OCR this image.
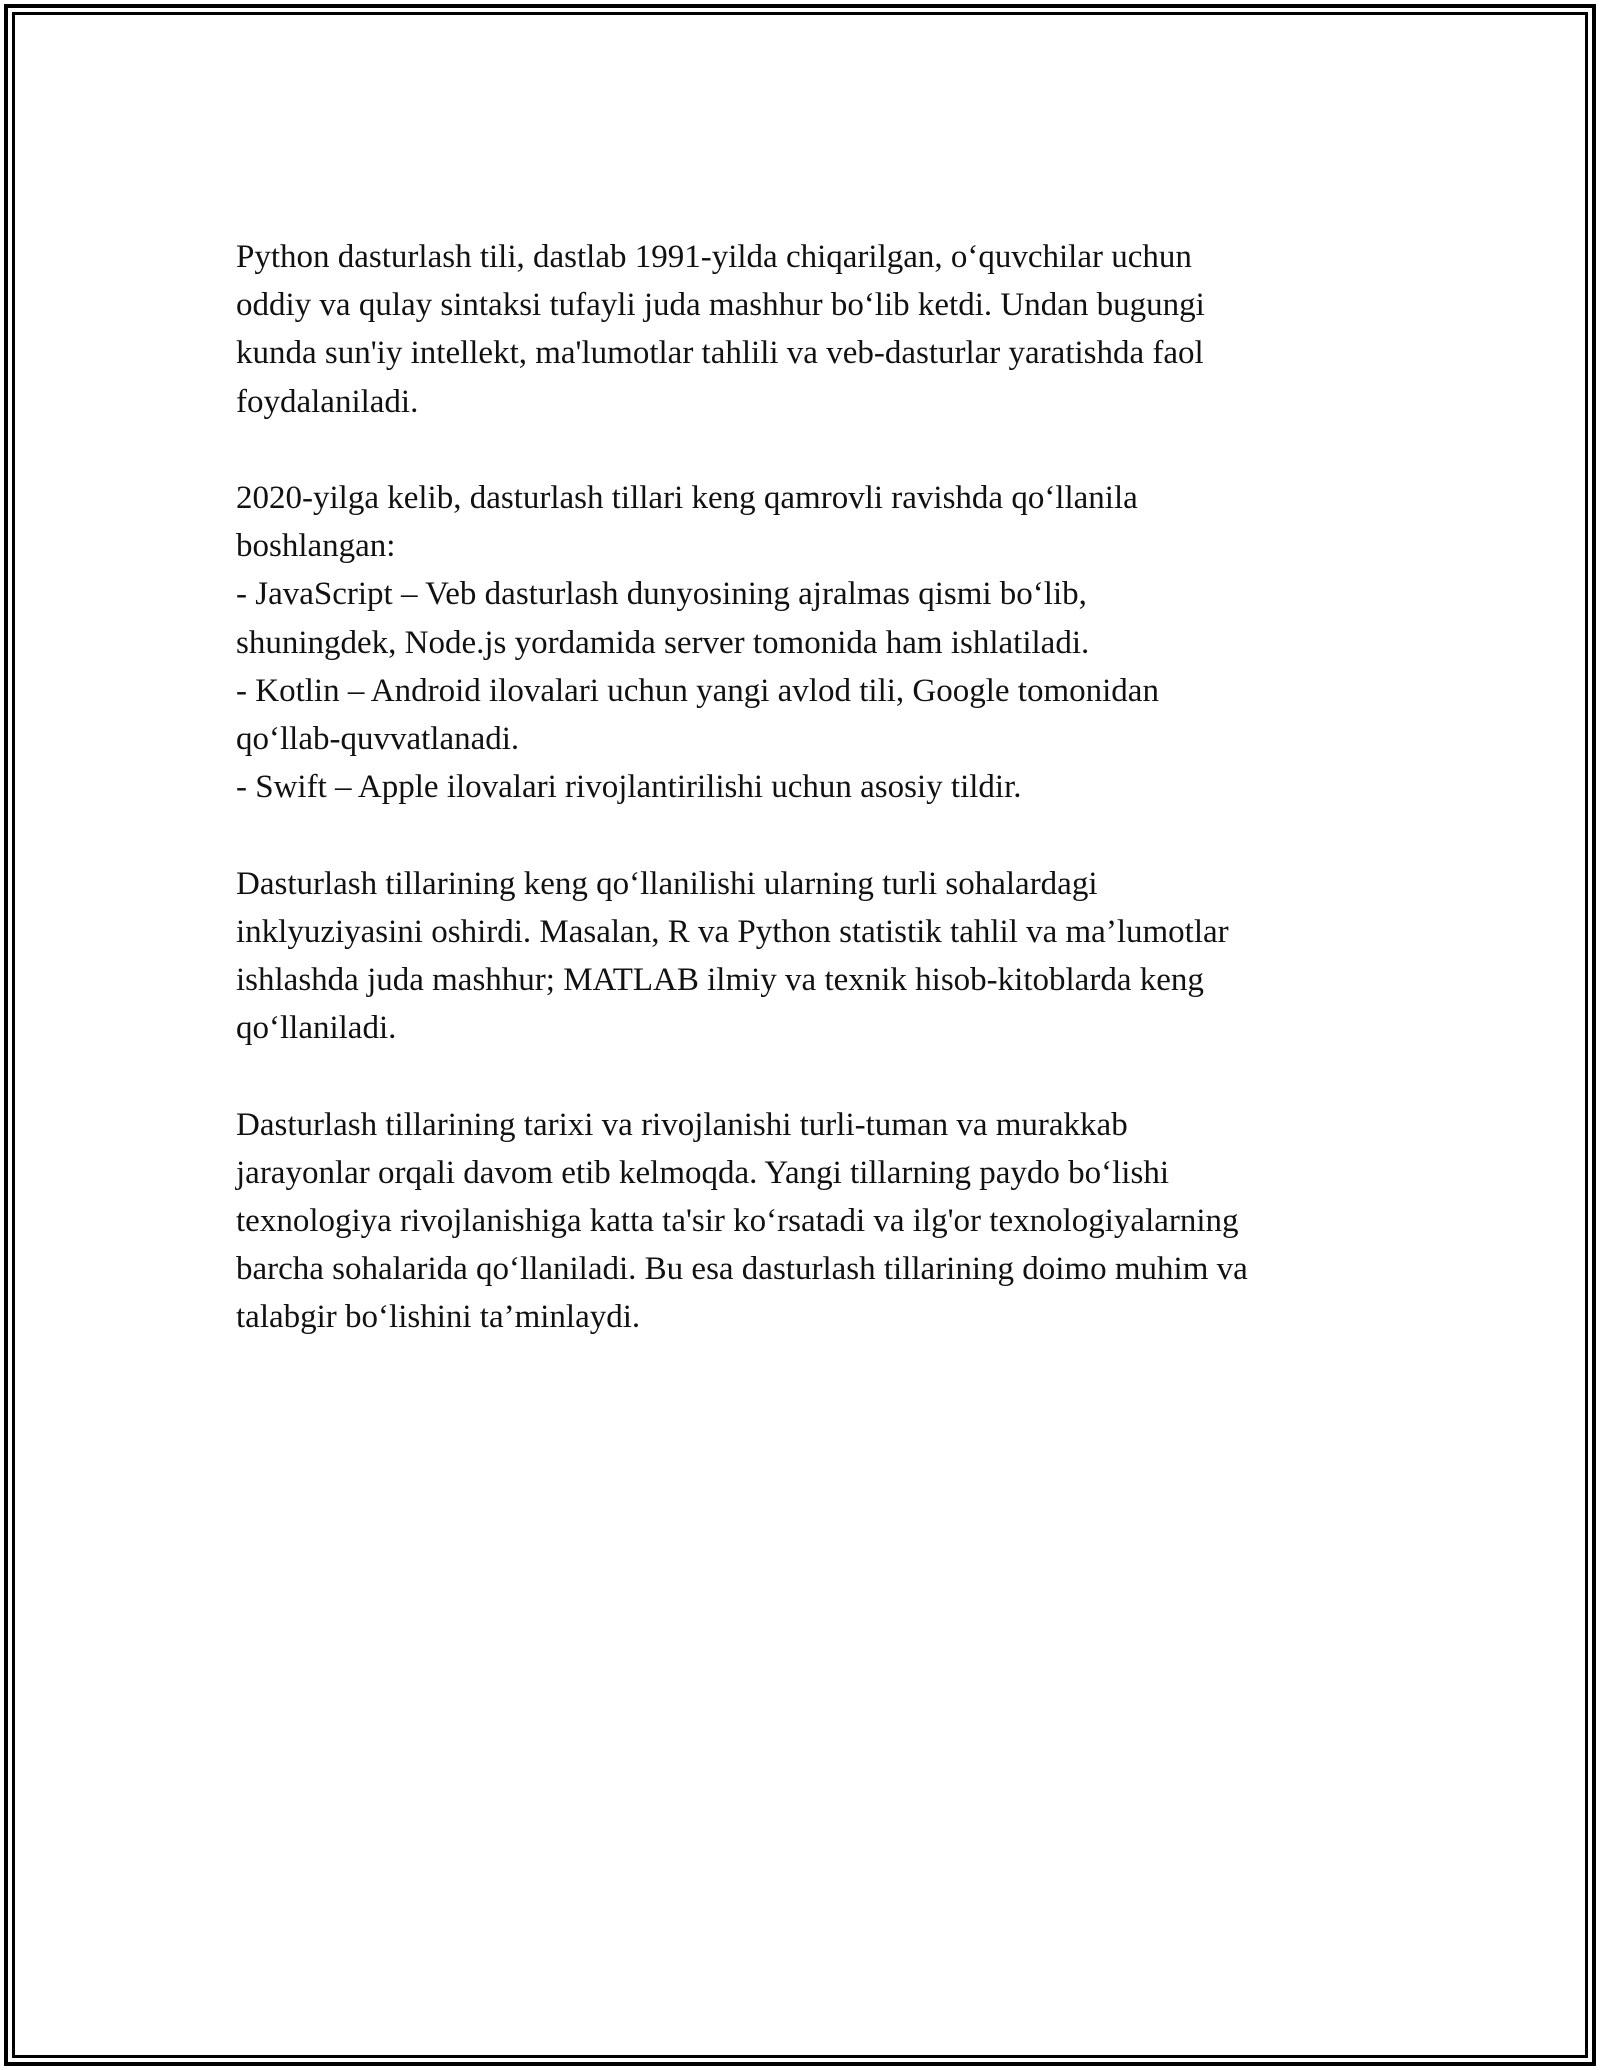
Python dasturlash tili, dastlab 1991-yilda chiqarilgan, o‘quvchilar uchun
oddiy va qulay sintaksi tufayli juda mashhur bo‘lib ketdi. Undan bugungi
kunda sun'iy intellekt, ma'lumotlar tahlili va veb-dasturlar yaratishda faol
foydalaniladi.

2020-yilga kelib, dasturlash tillari keng qamrovli ravishda qo‘llanila
boshlangan:
- JavaScript – Veb dasturlash dunyosining ajralmas qismi bo‘lib,
shuningdek, Node.js yordamida server tomonida ham ishlatiladi.
- Kotlin – Android ilovalari uchun yangi avlod tili, Google tomonidan
qo‘llab-quvvatlanadi.
- Swift – Apple ilovalari rivojlantirilishi uchun asosiy tildir.

Dasturlash tillarining keng qo‘llanilishi ularning turli sohalardagi
inklyuziyasini oshirdi. Masalan, R va Python statistik tahlil va ma’lumotlar
ishlashda juda mashhur; MATLAB ilmiy va texnik hisob-kitoblarda keng
qo‘llaniladi.

Dasturlash tillarining tarixi va rivojlanishi turli-tuman va murakkab
jarayonlar orqali davom etib kelmoqda. Yangi tillarning paydo bo‘lishi
texnologiya rivojlanishiga katta ta'sir ko‘rsatadi va ilg'or texnologiyalarning
barcha sohalarida qo‘llaniladi. Bu esa dasturlash tillarining doimo muhim va
talabgir bo‘lishini ta’minlaydi.
